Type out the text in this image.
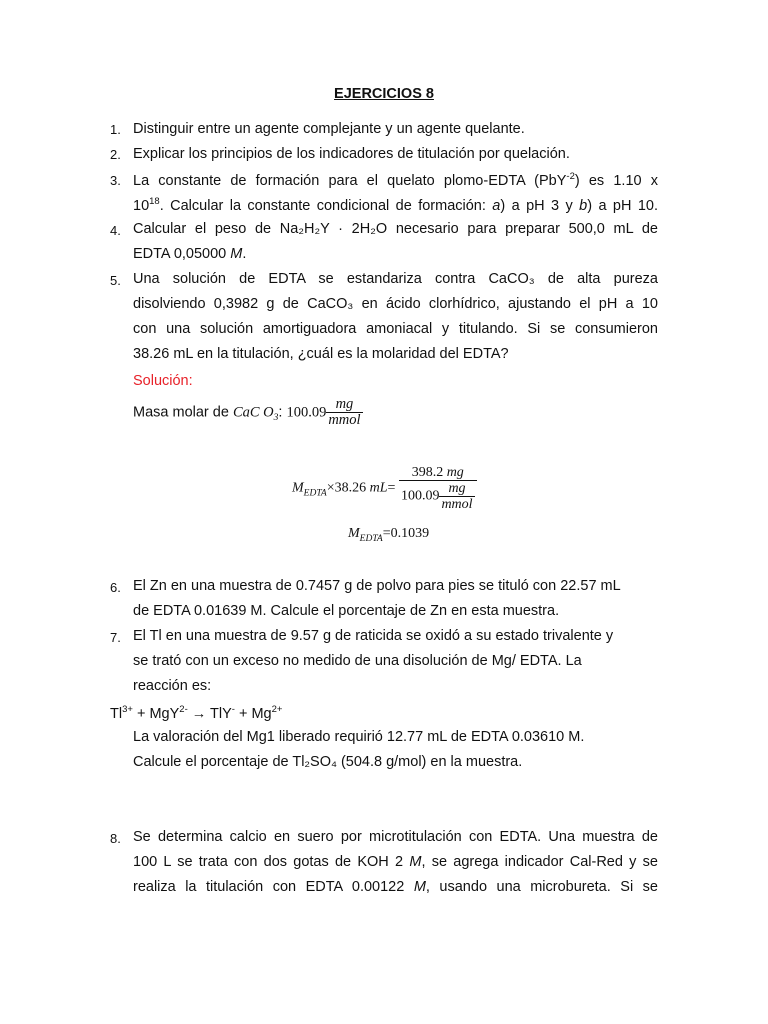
EJERCICIOS 8
1. Distinguir entre un agente complejante y un agente quelante.
2. Explicar los principios de los indicadores de titulación por quelación.
3. La constante de formación para el quelato plomo-EDTA (PbY$^{-2}$) es 1.10 x
$10^{18}$. Calcular la constante condicional de formación: a) a pH 3 y b) a pH 10.
4. Calcular el peso de Na₂H₂Y · 2H₂O necesario para preparar 500,0 mL de
EDTA 0,05000 M.
5. Una solución de EDTA se estandariza contra CaCO₃ de alta pureza
disolviendo 0,3982 g de CaCO₃ en ácido clorhídrico, ajustando el pH a 10
con una solución amortiguadora amoniacal y titulando. Si se consumieron
38.26 mL en la titulación, ¿cuál es la molaridad del EDTA?
Solución:
Masa molar de CaC $O_3$: $100.09 \frac{mg}{\text{mmol}}$
$M_{EDTA}\times 38.26$ $mL= \frac{398.2 mg}{100.09 \frac{mg}{\text{mmol}}}$
$M_{EDTA}=0.1039$
6. El Zn en una muestra de 0.7457 g de polvo para pies se tituló con 22.57 mL
de EDTA 0.01639 M. Calcule el porcentaje de Zn en esta muestra.
7. El Tl en una muestra de 9.57 g de raticida se oxidó a su estado trivalente y
se trató con un exceso no medido de una disolución de Mg/ EDTA. La
reacción es:
$Tl^{3+} + MgY^{2-} \to TlY^- + Mg^{2+}$
La valoración del Mg1 liberado requirió 12.77 mL de EDTA 0.03610 M.
Calcule el porcentaje de Tl₂SO₄ (504.8 g/mol) en la muestra.
8. Se determina calcio en suero por microtitulación con EDTA. Una muestra de
100 L se trata con dos gotas de KOH 2 M, se agrega indicador Cal-Red y se
realiza la titulación con EDTA 0.00122 M, usando una microbureta. Si se
